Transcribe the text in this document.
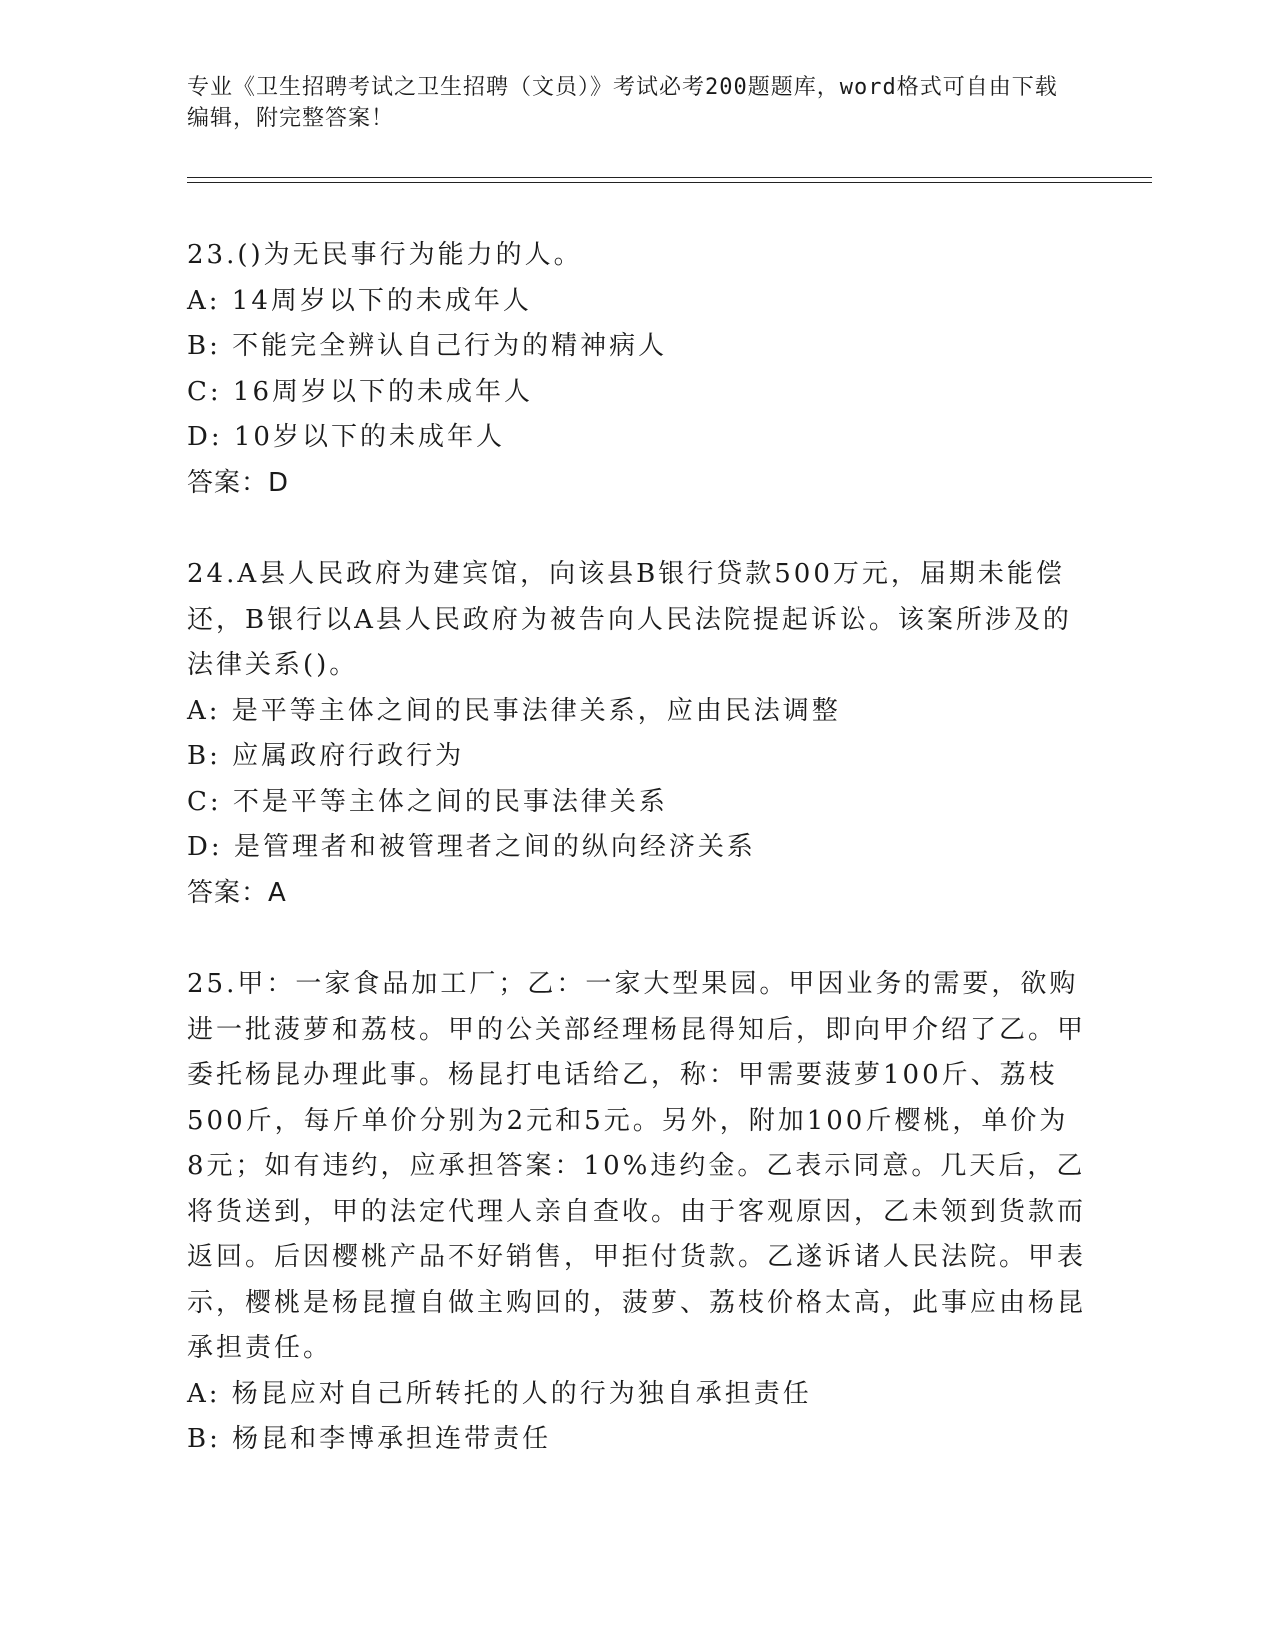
专业《卫生招聘考试之卫生招聘（文员）》考试必考200题题库，word格式可自由下载编辑，附完整答案！

23.()为无民事行为能力的人。

A: 14周岁以下的未成年人

B: 不能完全辨认自己行为的精神病人

C: 16周岁以下的未成年人

D: 10岁以下的未成年人

答案：D

24.A县人民政府为建宾馆，向该县B银行贷款500万元，届期未能偿还，B银行以A县人民政府为被告向人民法院提起诉讼。该案所涉及的法律关系()。

A: 是平等主体之间的民事法律关系，应由民法调整

B: 应属政府行政行为

C: 不是平等主体之间的民事法律关系

D: 是管理者和被管理者之间的纵向经济关系

答案：A

25.甲：一家食品加工厂；乙：一家大型果园。甲因业务的需要，欲购进一批菠萝和荔枝。甲的公关部经理杨昆得知后，即向甲介绍了乙。甲委托杨昆办理此事。杨昆打电话给乙，称：甲需要菠萝100斤、荔枝500斤，每斤单价分别为2元和5元。另外，附加100斤樱桃，单价为8元；如有违约，应承担答案：10%违约金。乙表示同意。几天后，乙将货送到，甲的法定代理人亲自查收。由于客观原因，乙未领到货款而返回。后因樱桃产品不好销售，甲拒付货款。乙遂诉诸人民法院。甲表示，樱桃是杨昆擅自做主购回的，菠萝、荔枝价格太高，此事应由杨昆承担责任。

A: 杨昆应对自己所转托的人的行为独自承担责任

B: 杨昆和李博承担连带责任
